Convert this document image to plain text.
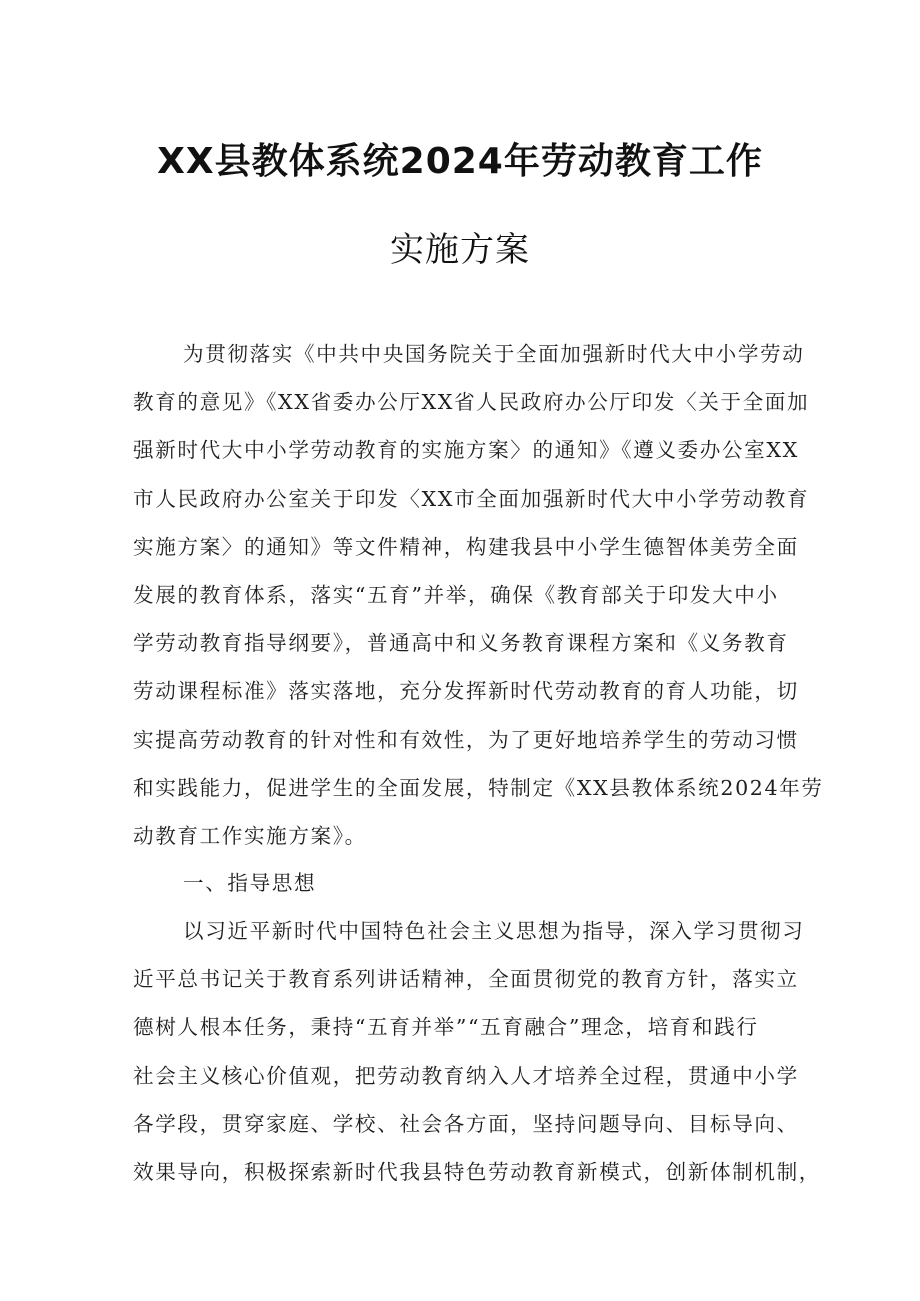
XX县教体系统2024年劳动教育工作
实施方案
为贯彻落实《中共中央国务院关于全面加强新时代大中小学劳动
教育的意见》《XX省委办公厅XX省人民政府办公厅印发〈关于全面加
强新时代大中小学劳动教育的实施方案〉的通知》《遵义委办公室XX
市人民政府办公室关于印发〈XX市全面加强新时代大中小学劳动教育
实施方案〉的通知》等文件精神，构建我县中小学生德智体美劳全面
发展的教育体系，落实“五育”并举，确保《教育部关于印发大中小
学劳动教育指导纲要》，普通高中和义务教育课程方案和《义务教育
劳动课程标准》落实落地，充分发挥新时代劳动教育的育人功能，切
实提高劳动教育的针对性和有效性，为了更好地培养学生的劳动习惯
和实践能力，促进学生的全面发展，特制定《XX县教体系统2024年劳
动教育工作实施方案》。
一、指导思想
以习近平新时代中国特色社会主义思想为指导，深入学习贯彻习
近平总书记关于教育系列讲话精神，全面贯彻党的教育方针，落实立
德树人根本任务，秉持“五育并举”“五育融合”理念，培育和践行
社会主义核心价值观，把劳动教育纳入人才培养全过程，贯通中小学
各学段，贯穿家庭、学校、社会各方面，坚持问题导向、目标导向、
效果导向，积极探索新时代我县特色劳动教育新模式，创新体制机制，
